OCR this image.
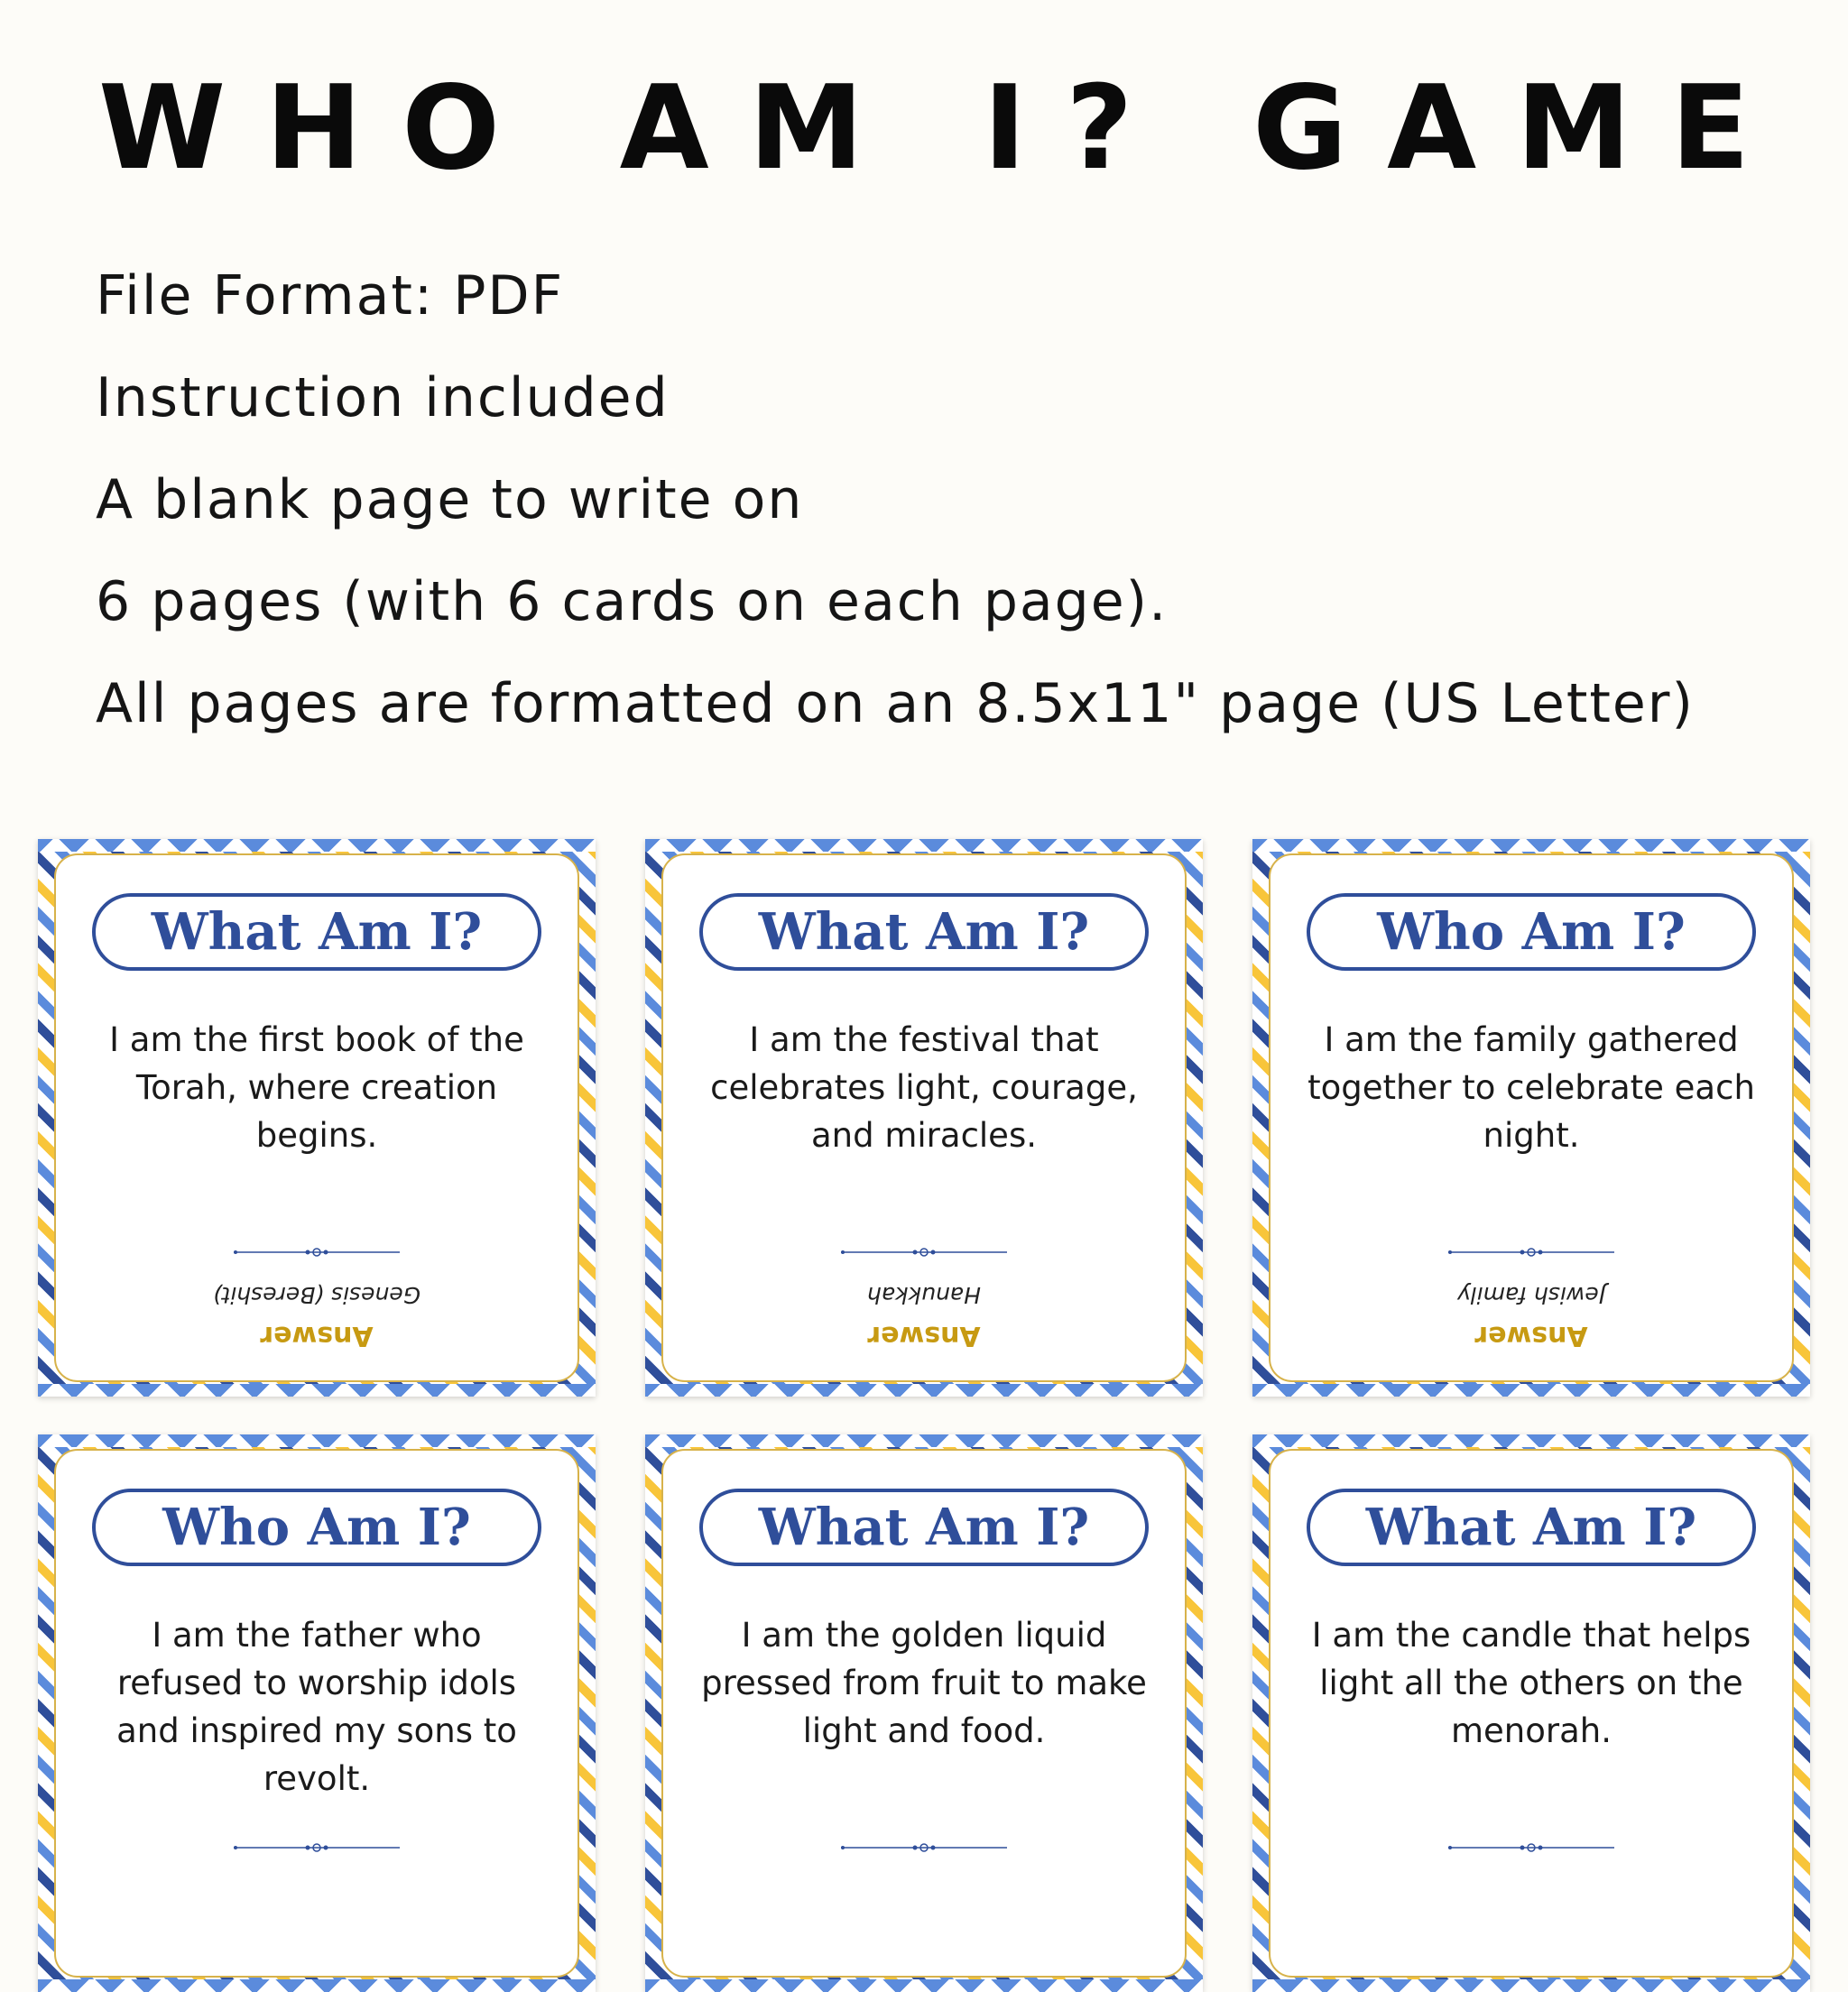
WHO AM I? GAME
File Format: PDF
Instruction included
A blank page to write on
6 pages (with 6 cards on each page).
All pages are formatted on an 8.5x11" page (US Letter)
What Am I?
I am the first book of the Torah, where creation begins.
Answer
Genesis (Bereshit)
What Am I?
I am the festival that celebrates light, courage, and miracles.
Answer
Hanukkah
Who Am I?
I am the family gathered together to celebrate each night.
Answer
Jewish family
Who Am I?
I am the father who refused to worship idols and inspired my sons to revolt.
What Am I?
I am the golden liquid pressed from fruit to make light and food.
What Am I?
I am the candle that helps light all the others on the menorah.
